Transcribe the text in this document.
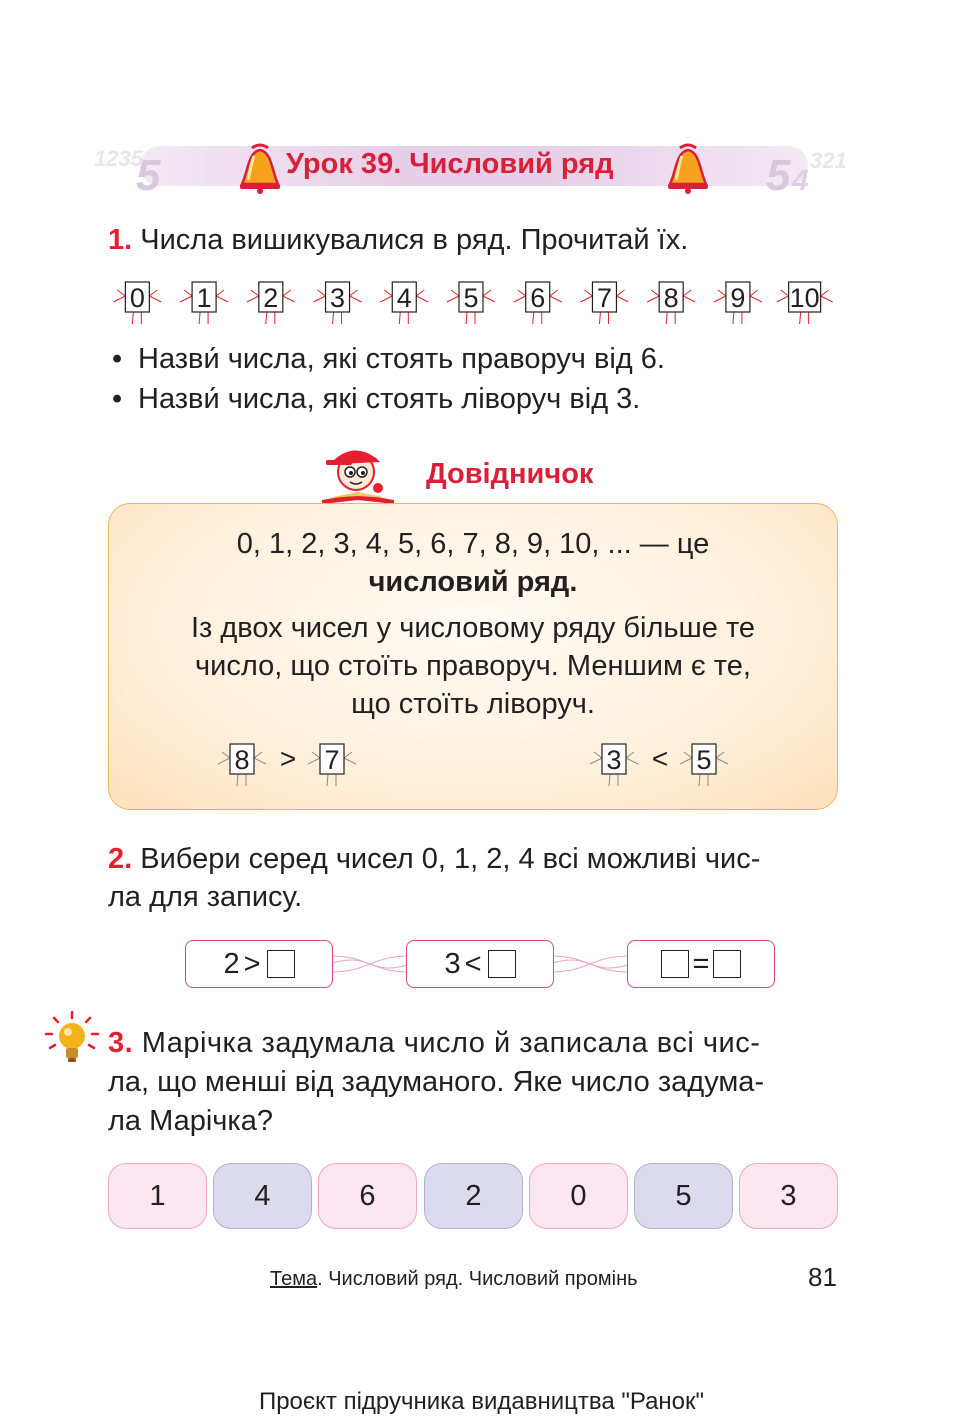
1235
5	5 4
321
Урок 39. Числовий ряд
1. Числа вишикувалися в ряд. Прочитай їх.
0 1 2 3 4 5 6 7 8 9 10
• Назви́ числа, які стоять праворуч від 6.
• Назви́ числа, які стоять ліворуч від 3.
Довідничок
0, 1, 2, 3, 4, 5, 6, 7, 8, 9, 10, ... — це
числовий ряд.
Із двох чисел у числовому ряду більше те
число, що стоїть праворуч. Меншим є те,
що стоїть ліворуч.
8	7
>	3	5
<
2. Вибери серед чисел 0, 1, 2, 4 всі можливі чис-
ла для запису.
2 >	3 <	=
3. Марічка задумала число й записала всі чис-
ла, що менші від задуманого. Яке число задума-
ла Марічка?
1	4	6	2	0	5	3
Тема. Числовий ряд. Числовий промінь	81
Проєкт підручника видавництва "Ранок"
